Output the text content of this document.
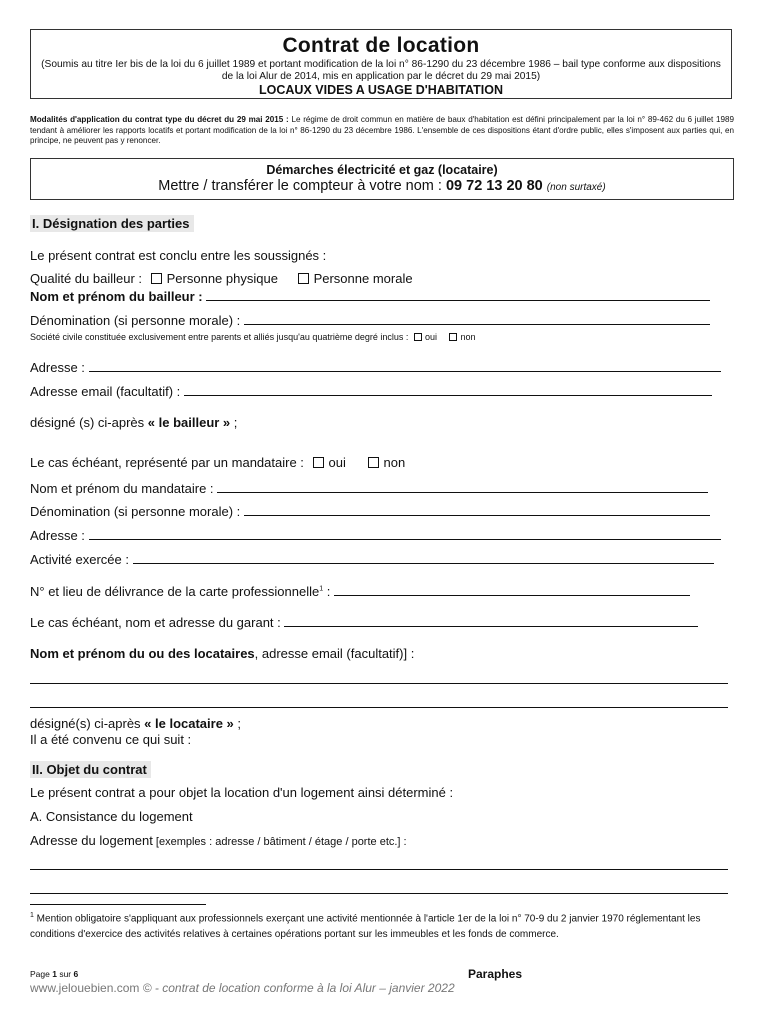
Contrat de location
(Soumis au titre Ier bis de la loi du 6 juillet 1989 et portant modification de la loi n° 86-1290 du 23 décembre 1986 – bail type conforme aux dispositions de la loi Alur de 2014, mis en application par le décret du 29 mai 2015)
LOCAUX VIDES A USAGE D'HABITATION
Modalités d'application du contrat type du décret du 29 mai 2015 : Le régime de droit commun en matière de baux d'habitation est défini principalement par la loi n° 89-462 du 6 juillet 1989 tendant à améliorer les rapports locatifs et portant modification de la loi n° 86-1290 du 23 décembre 1986. L'ensemble de ces dispositions étant d'ordre public, elles s'imposent aux parties qui, en principe, ne peuvent pas y renoncer.
Démarches électricité et gaz (locataire)
Mettre / transférer le compteur à votre nom : 09 72 13 20 80 (non surtaxé)
I. Désignation des parties
Le présent contrat est conclu entre les soussignés :
Qualité du bailleur : Personne physique	Personne morale
Nom et prénom du bailleur :
Dénomination (si personne morale) :
Société civile constituée exclusivement entre parents et alliés jusqu'au quatrième degré inclus : oui	non
Adresse :
Adresse email (facultatif) :
désigné (s) ci-après « le bailleur » ;
Le cas échéant, représenté par un mandataire : oui	non
Nom et prénom du mandataire :
Dénomination (si personne morale) :
Adresse :
Activité exercée :
N° et lieu de délivrance de la carte professionnelle$^1$ :
Le cas échéant, nom et adresse du garant :
Nom et prénom du ou des locataires, adresse email (facultatif)] :
désigné(s) ci-après « le locataire » ;
Il a été convenu ce qui suit :
II. Objet du contrat
Le présent contrat a pour objet la location d'un logement ainsi déterminé :
A. Consistance du logement
Adresse du logement [exemples : adresse / bâtiment / étage / porte etc.] :
$^1$ Mention obligatoire s'appliquant aux professionnels exerçant une activité mentionnée à l'article 1er de la loi n° 70-9 du 2 janvier 1970 réglementant les conditions d'exercice des activités relatives à certaines opérations portant sur les immeubles et les fonds de commerce.
Page 1 sur 6	Paraphes
www.jelouebien.com © - contrat de location conforme à la loi Alur – janvier 2022
